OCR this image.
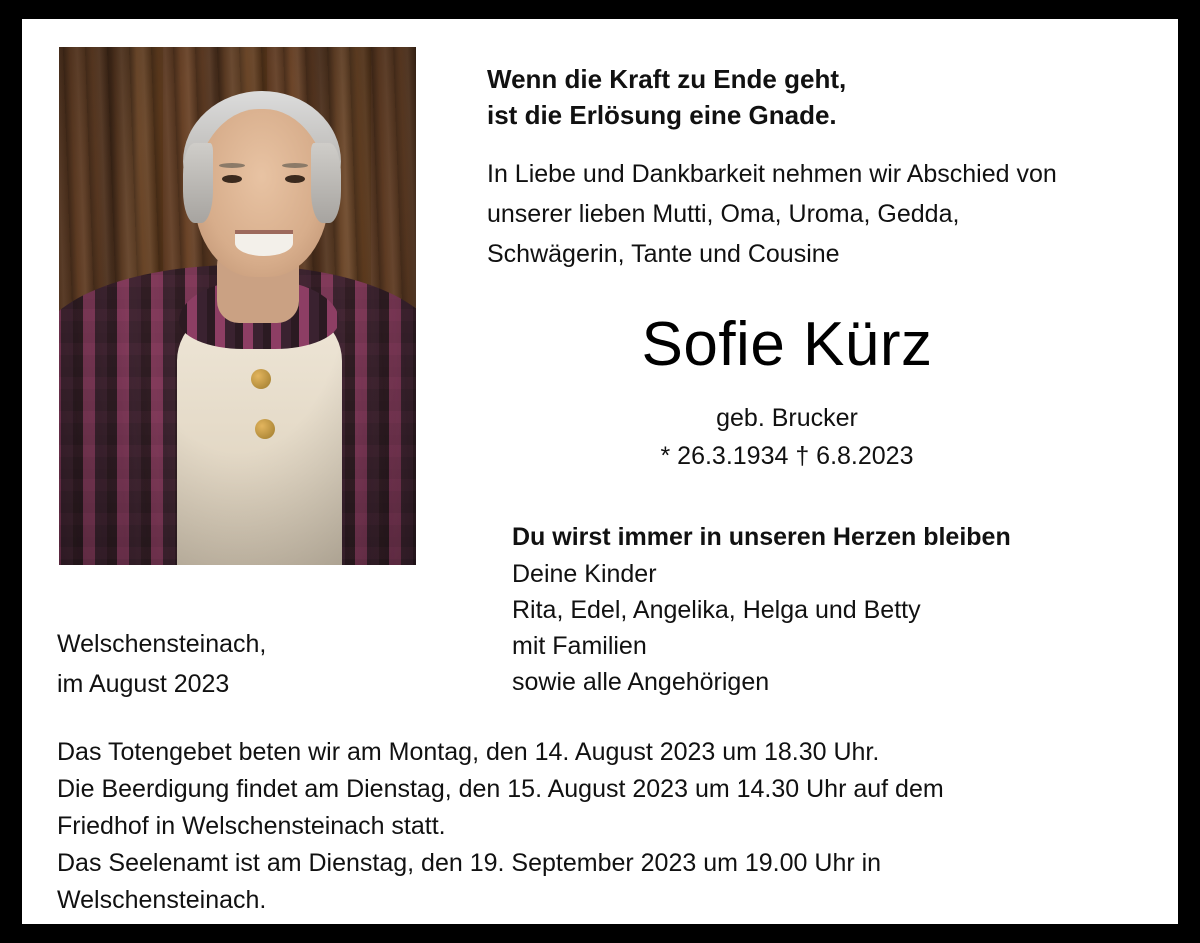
Wenn die Kraft zu Ende geht,
ist die Erlösung eine Gnade.
In Liebe und Dankbarkeit nehmen wir Abschied von
unserer lieben Mutti, Oma, Uroma, Gedda,
Schwägerin, Tante und Cousine
Sofie Kürz
geb. Brucker
* 26.3.1934 † 6.8.2023
Du wirst immer in unseren Herzen bleiben
Deine Kinder
Rita, Edel, Angelika, Helga und Betty
mit Familien
sowie alle Angehörigen
Welschensteinach,
im August 2023
Das Totengebet beten wir am Montag, den 14. August 2023 um 18.30 Uhr.
Die Beerdigung findet am Dienstag, den 15. August 2023 um 14.30 Uhr auf dem
Friedhof in Welschensteinach statt.
Das Seelenamt ist am Dienstag, den 19. September 2023 um 19.00 Uhr in
Welschensteinach.
